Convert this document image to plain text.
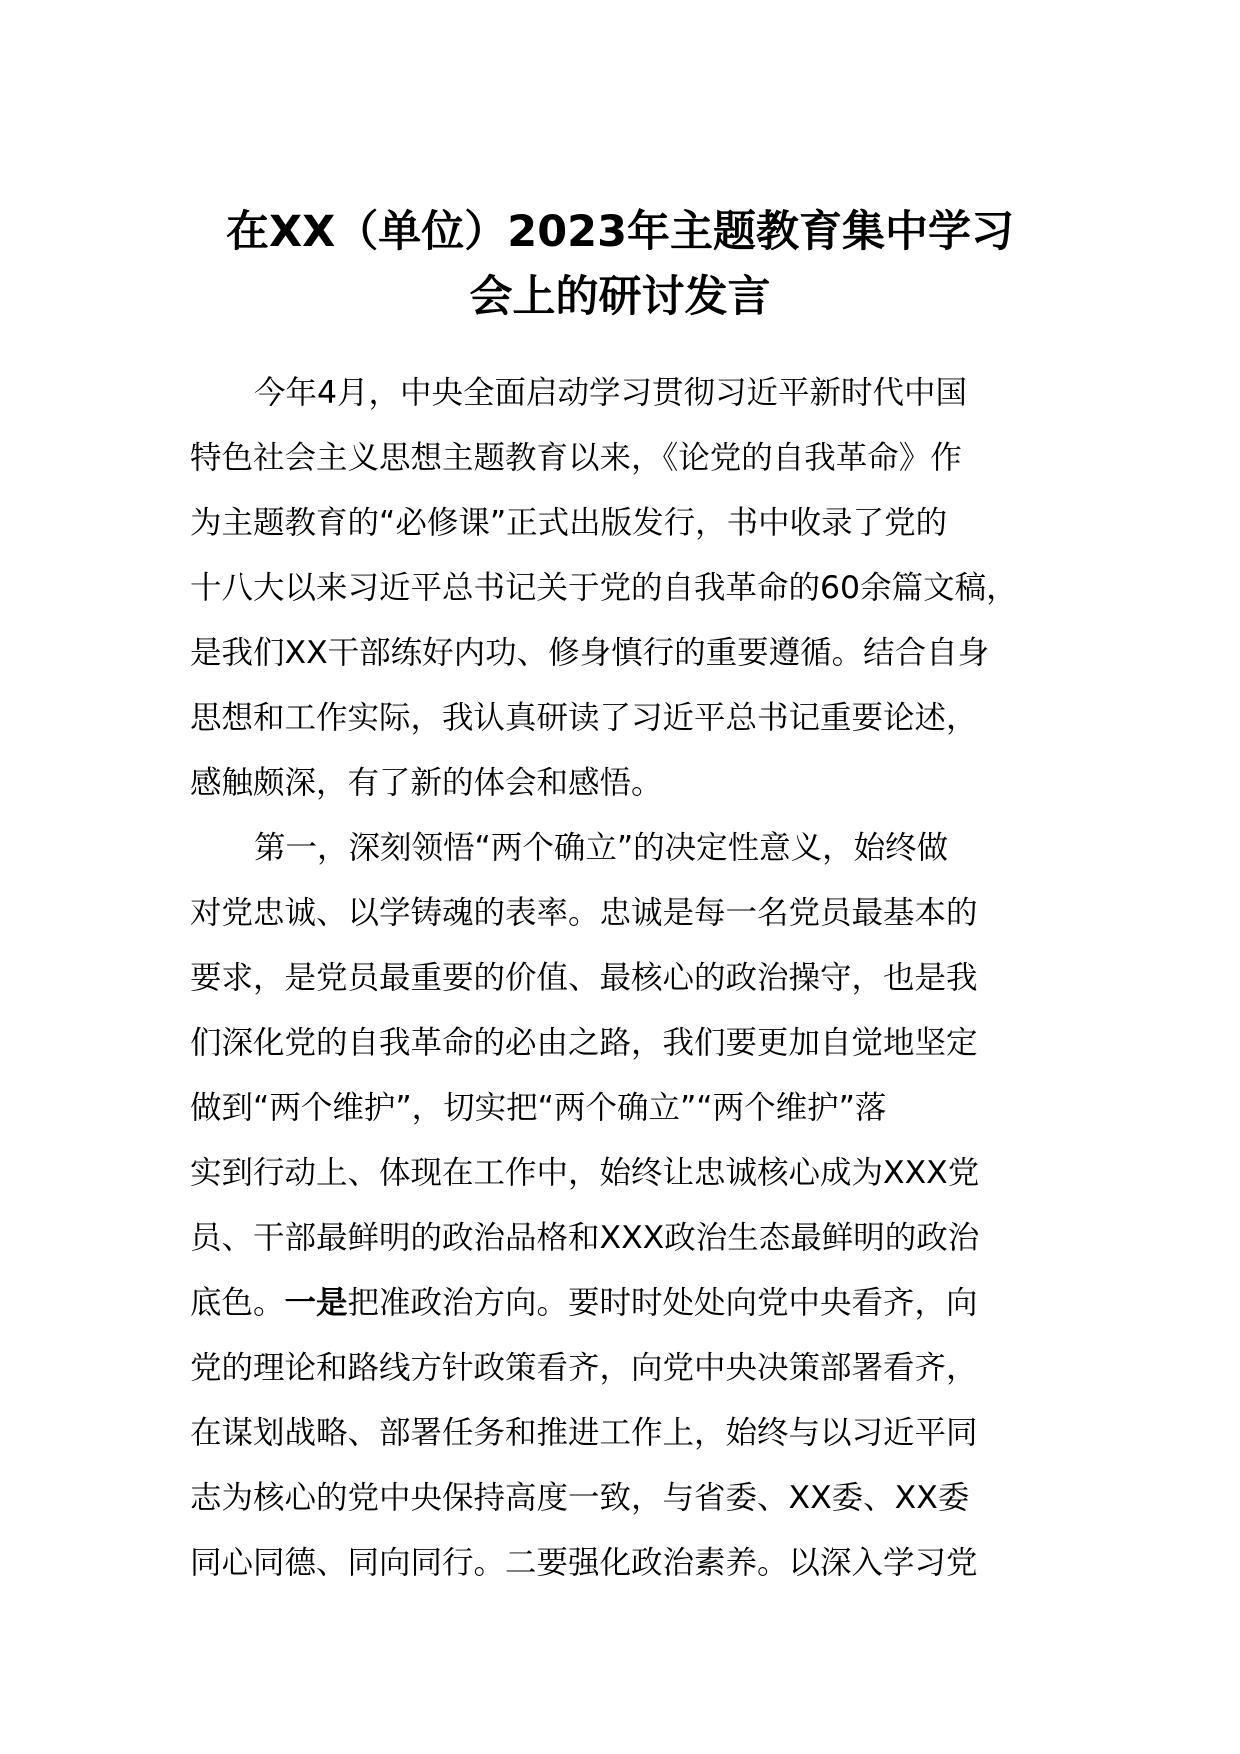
在XX（单位）2023年主题教育集中学习
会上的研讨发言
今年4月，中央全面启动学习贯彻习近平新时代中国
特色社会主义思想主题教育以来，《论党的自我革命》作
为主题教育的“必修课”正式出版发行，书中收录了党的
十八大以来习近平总书记关于党的自我革命的60余篇文稿，
是我们XX干部练好内功、修身慎行的重要遵循。结合自身
思想和工作实际，我认真研读了习近平总书记重要论述，
感触颇深，有了新的体会和感悟。
第一，深刻领悟“两个确立”的决定性意义，始终做
对党忠诚、以学铸魂的表率。忠诚是每一名党员最基本的
要求，是党员最重要的价值、最核心的政治操守，也是我
们深化党的自我革命的必由之路，我们要更加自觉地坚定
做到“两个维护”，切实把“两个确立”“两个维护”落
实到行动上、体现在工作中，始终让忠诚核心成为XXX党
员、干部最鲜明的政治品格和XXX政治生态最鲜明的政治
底色。一是把准政治方向。要时时处处向党中央看齐，向
党的理论和路线方针政策看齐，向党中央决策部署看齐，
在谋划战略、部署任务和推进工作上，始终与以习近平同
志为核心的党中央保持高度一致，与省委、XX委、XX委
同心同德、同向同行。二要强化政治素养。以深入学习党
